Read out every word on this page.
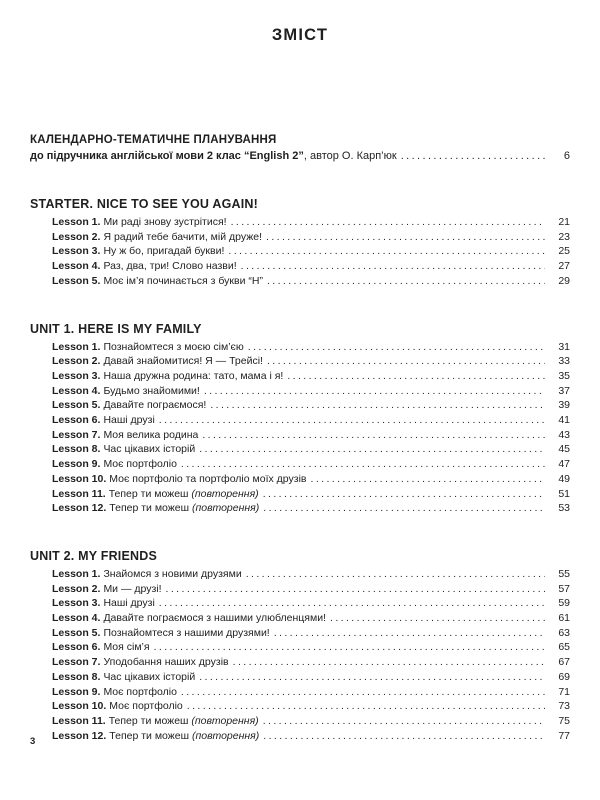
ЗМІСТ
КАЛЕНДАРНО-ТЕМАТИЧНЕ ПЛАНУВАННЯ
до підручника англійської мови 2 клас “English 2”, автор О. Карп’юк .....	6
STARTER. NICE TO SEE YOU AGAIN!
Lesson 1. Ми раді знову зустрітися! .....	21
Lesson 2. Я радий тебе бачити, мій друже! .....	23
Lesson 3. Ну ж бо, пригадай букви! .....	25
Lesson 4. Раз, два, три! Слово назви! .....	27
Lesson 5. Моє ім’я починається з букви “Н” .....	29
UNIT 1. HERE IS MY FAMILY
Lesson 1. Познайомтеся з моєю сім’єю .....	31
Lesson 2. Давай знайомитися! Я — Трейсі! .....	33
Lesson 3. Наша дружна родина: тато, мама і я! .....	35
Lesson 4. Будьмо знайомими! .....	37
Lesson 5. Давайте пограємося! .....	39
Lesson 6. Наші друзі .....	41
Lesson 7. Моя велика родина .....	43
Lesson 8. Час цікавих історій .....	45
Lesson 9. Моє портфоліо .....	47
Lesson 10. Моє портфоліо та портфоліо моїх друзів .....	49
Lesson 11. Тепер ти можеш (повторення) .....	51
Lesson 12. Тепер ти можеш (повторення) .....	53
UNIT 2. MY FRIENDS
Lesson 1. Знайомся з новими друзями .....	55
Lesson 2. Ми — друзі! .....	57
Lesson 3. Наші друзі .....	59
Lesson 4. Давайте пограємося з нашими улюбленцями! .....	61
Lesson 5. Познайомтеся з нашими друзями! .....	63
Lesson 6. Моя сім’я .....	65
Lesson 7. Уподобання наших друзів .....	67
Lesson 8. Час цікавих історій .....	69
Lesson 9. Моє портфоліо .....	71
Lesson 10. Моє портфоліо .....	73
Lesson 11. Тепер ти можеш (повторення) .....	75
Lesson 12. Тепер ти можеш (повторення) .....	77
3
